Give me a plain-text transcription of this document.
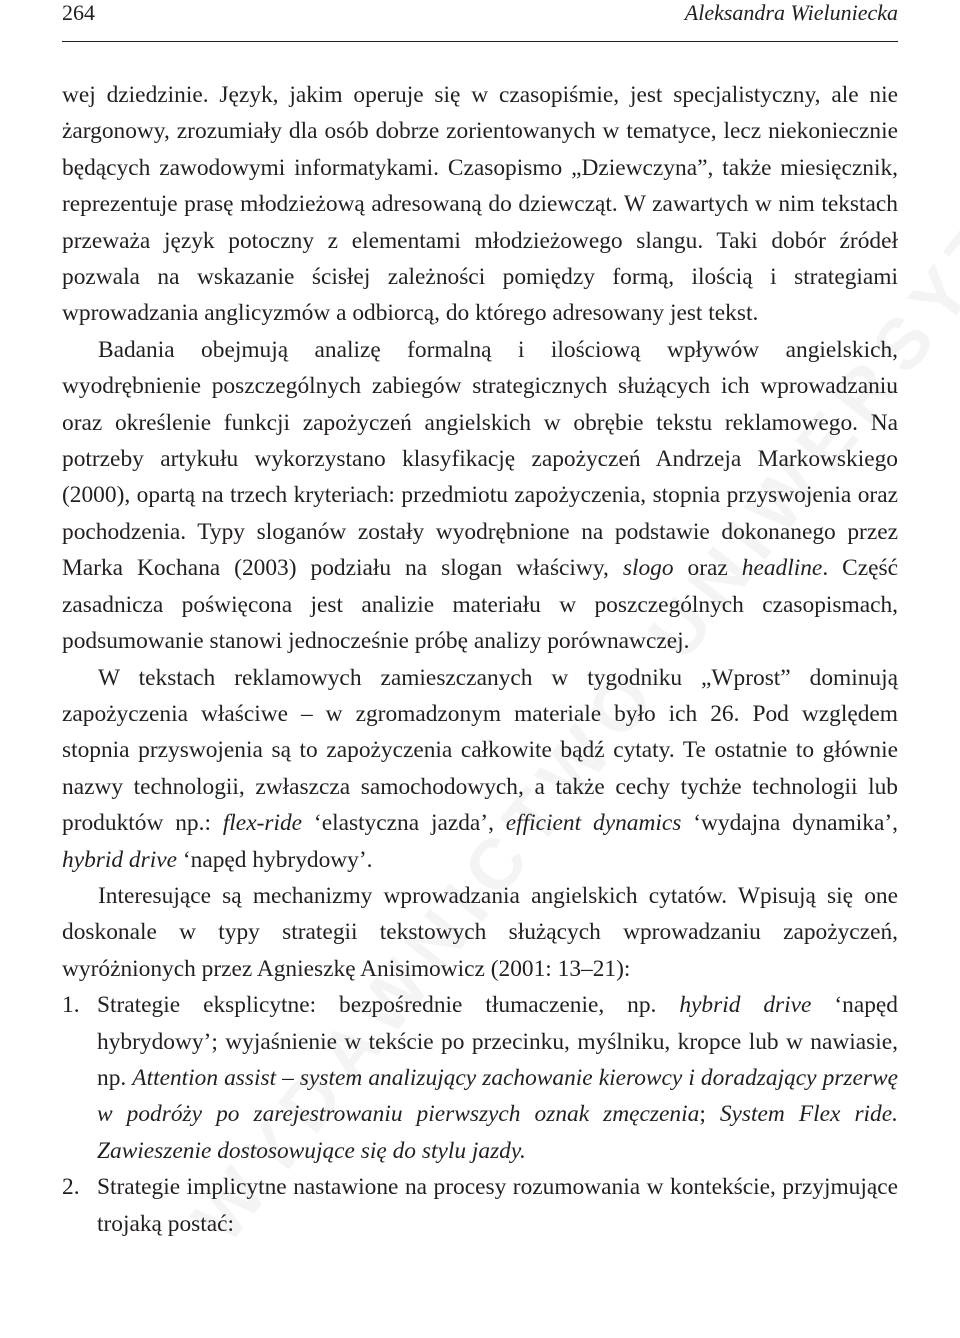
264	Aleksandra Wieluniecka

wej dziedzinie. Język, jakim operuje się w czasopiśmie, jest specjalistyczny, ale nie żargonowy, zrozumiały dla osób dobrze zorientowanych w tematyce, lecz niekoniecznie będących zawodowymi informatykami. Czasopismo „Dziewczyna”, także miesięcznik, reprezentuje prasę młodzieżową adresowaną do dziewcząt. W zawartych w nim tekstach przeważa język potoczny z elementami młodzieżowego slangu. Taki dobór źródeł pozwala na wskazanie ścisłej zależności pomiędzy formą, ilością i strategiami wprowadzania anglicyzmów a odbiorcą, do którego adresowany jest tekst.

Badania obejmują analizę formalną i ilościową wpływów angielskich, wyodrębnienie poszczególnych zabiegów strategicznych służących ich wprowadzaniu oraz określenie funkcji zapożyczeń angielskich w obrębie tekstu reklamowego. Na potrzeby artykułu wykorzystano klasyfikację zapożyczeń Andrzeja Markowskiego (2000), opartą na trzech kryteriach: przedmiotu zapożyczenia, stopnia przyswojenia oraz pochodzenia. Typy sloganów zostały wyodrębnione na podstawie dokonanego przez Marka Kochana (2003) podziału na slogan właściwy, slogo oraz headline. Część zasadnicza poświęcona jest analizie materiału w poszczególnych czasopismach, podsumowanie stanowi jednocześnie próbę analizy porównawczej.

W tekstach reklamowych zamieszczanych w tygodniku „Wprost” dominują zapożyczenia właściwe – w zgromadzonym materiale było ich 26. Pod względem stopnia przyswojenia są to zapożyczenia całkowite bądź cytaty. Te ostatnie to głównie nazwy technologii, zwłaszcza samochodowych, a także cechy tychże technologii lub produktów np.: flex-ride ‘elastyczna jazda’, efficient dynamics ‘wydajna dynamika’, hybrid drive ‘napęd hybrydowy’.

Interesujące są mechanizmy wprowadzania angielskich cytatów. Wpisują się one doskonale w typy strategii tekstowych służących wprowadzaniu zapożyczeń, wyróżnionych przez Agnieszkę Anisimowicz (2001: 13–21):

1. Strategie eksplicytne: bezpośrednie tłumaczenie, np. hybrid drive ‘napęd hybrydowy’; wyjaśnienie w tekście po przecinku, myślniku, kropce lub w nawiasie, np. Attention assist – system analizujący zachowanie kierowcy i doradzający przerwę w podróży po zarejestrowaniu pierwszych oznak zmęczenia; System Flex ride. Zawieszenie dostosowujące się do stylu jazdy.
2. Strategie implicytne nastawione na procesy rozumowania w kontekście, przyjmujące trojaką postać:
